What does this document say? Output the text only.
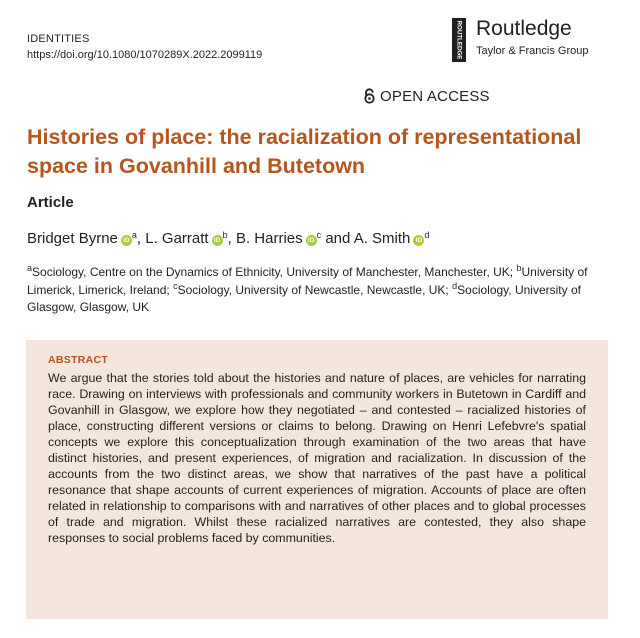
IDENTITIES
https://doi.org/10.1080/1070289X.2022.2099119	ROUTLEDGE Routledge
Taylor & Francis Group
OPEN ACCESS
Histories of place: the racialization of representational space in Govanhill and Butetown
Article
Bridget Byrne $iD^a$, L. Garratt $iD^b$, B. Harries $iD^c$ and A. Smith $iD^d$
$^a$Sociology, Centre on the Dynamics of Ethnicity, University of Manchester, Manchester, UK; $^b$University of Limerick, Limerick, Ireland; $^c$Sociology, University of Newcastle, Newcastle, UK; $^d$Sociology, University of Glasgow, Glasgow, UK
ABSTRACT

We argue that the stories told about the histories and nature of places, are vehicles for narrating race. Drawing on interviews with professionals and community workers in Butetown in Cardiff and Govanhill in Glasgow, we explore how they negotiated – and contested – racialized histories of place, constructing different versions or claims to belong. Drawing on Henri Lefebvre's spatial concepts we explore this conceptualization through examination of the two areas that have distinct histories, and present experiences, of migration and racialization. In discussion of the accounts from the two distinct areas, we show that narratives of the past have a political resonance that shape accounts of current experiences of migration. Accounts of place are often related in relationship to comparisons with and narratives of other places and to global processes of trade and migration. Whilst these racialized narratives are contested, they also shape responses to social problems faced by communities.
